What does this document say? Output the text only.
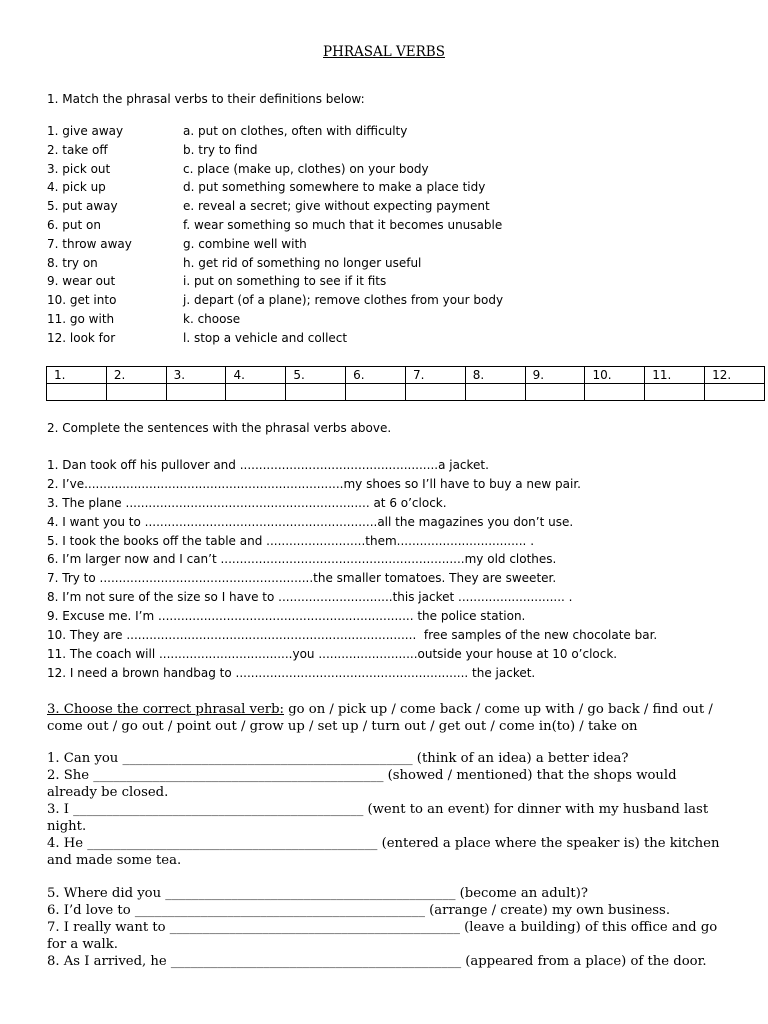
PHRASAL VERBS
1. Match the phrasal verbs to their definitions below:
1. give away	a. put on clothes, often with difficulty
2. take off	b. try to find
3. pick out	c. place (make up, clothes) on your body
4. pick up	d. put something somewhere to make a place tidy
5. put away	e. reveal a secret; give without expecting payment
6. put on	f. wear something so much that it becomes unusable
7. throw away	g. combine well with
8. try on	h. get rid of something no longer useful
9. wear out	i. put on something to see if it fits
10. get into	j. depart (of a plane); remove clothes from your body
11. go with	k. choose
12. look for	l. stop a vehicle and collect
1.	2.	3.	4.	5.	6.	7.	8.	9.	10.	11.	12.

2. Complete the sentences with the phrasal verbs above.
1. Dan took off his pullover and ....................................................a jacket.
2. I’ve....................................................................my shoes so I’ll have to buy a new pair.
3. The plane ................................................................ at 6 o’clock.
4. I want you to .............................................................all the magazines you don’t use.
5. I took the books off the table and ..........................them.................................. .
6. I’m larger now and I can’t ................................................................my old clothes.
7. Try to ........................................................the smaller tomatoes. They are sweeter.
8. I’m not sure of the size so I have to ..............................this jacket ............................ .
9. Excuse me. I’m ................................................................... the police station.
10. They are ............................................................................  free samples of the new chocolate bar.
11. The coach will ...................................you ..........................outside your house at 10 o’clock.
12. I need a brown handbag to ............................................................. the jacket.
3. Choose the correct phrasal verb: go on / pick up / come back / come up with / go back / find out / come out / go out / point out / grow up / set up / turn out / get out / come in(to) / take on

1. Can you ____________________________________________ (think of an idea) a better idea?

2. She ____________________________________________ (showed / mentioned) that the shops would already be closed.

3. I ____________________________________________ (went to an event) for dinner with my husband last night.

4. He ____________________________________________ (entered a place where the speaker is) the kitchen and made some tea.

5. Where did you ____________________________________________ (become an adult)?

6. I’d love to ____________________________________________ (arrange / create) my own business.

7. I really want to ____________________________________________ (leave a building) of this office and go for a walk.

8. As I arrived, he ____________________________________________ (appeared from a place) of the door.
